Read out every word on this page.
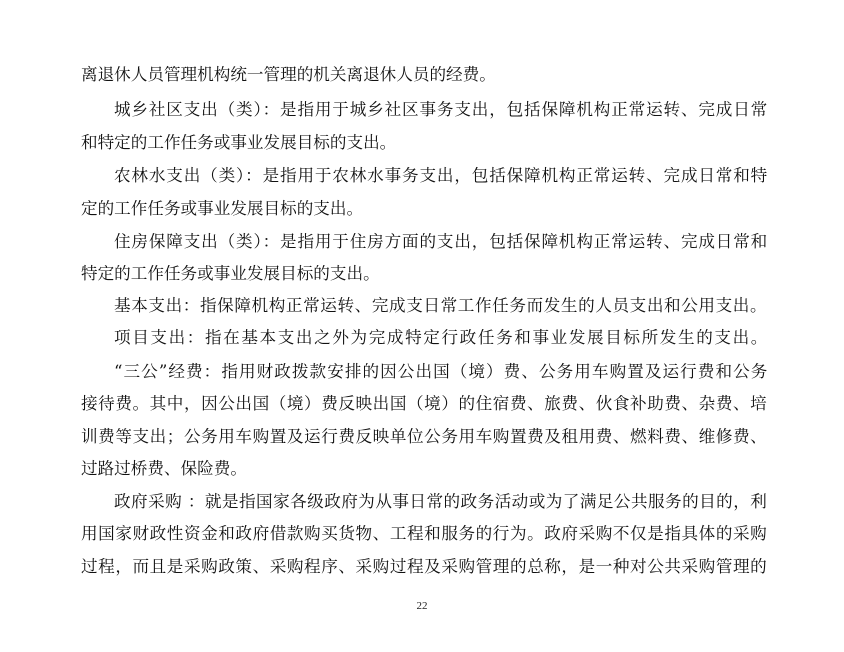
离退休人员管理机构统一管理的机关离退休人员的经费。
城乡社区支出（类）：是指用于城乡社区事务支出，包括保障机构正常运转、完成日常
和特定的工作任务或事业发展目标的支出。
农林水支出（类）：是指用于农林水事务支出，包括保障机构正常运转、完成日常和特
定的工作任务或事业发展目标的支出。
住房保障支出（类）：是指用于住房方面的支出，包括保障机构正常运转、完成日常和
特定的工作任务或事业发展目标的支出。
基本支出：指保障机构正常运转、完成支日常工作任务而发生的人员支出和公用支出。
项目支出：指在基本支出之外为完成特定行政任务和事业发展目标所发生的支出。
“三公”经费：指用财政拨款安排的因公出国（境）费、公务用车购置及运行费和公务
接待费。其中，因公出国（境）费反映出国（境）的住宿费、旅费、伙食补助费、杂费、培
训费等支出；公务用车购置及运行费反映单位公务用车购置费及租用费、燃料费、维修费、
过路过桥费、保险费。
政府采购 ：就是指国家各级政府为从事日常的政务活动或为了满足公共服务的目的，利
用国家财政性资金和政府借款购买货物、工程和服务的行为。政府采购不仅是指具体的采购
过程，而且是采购政策、采购程序、采购过程及采购管理的总称，是一种对公共采购管理的
22
